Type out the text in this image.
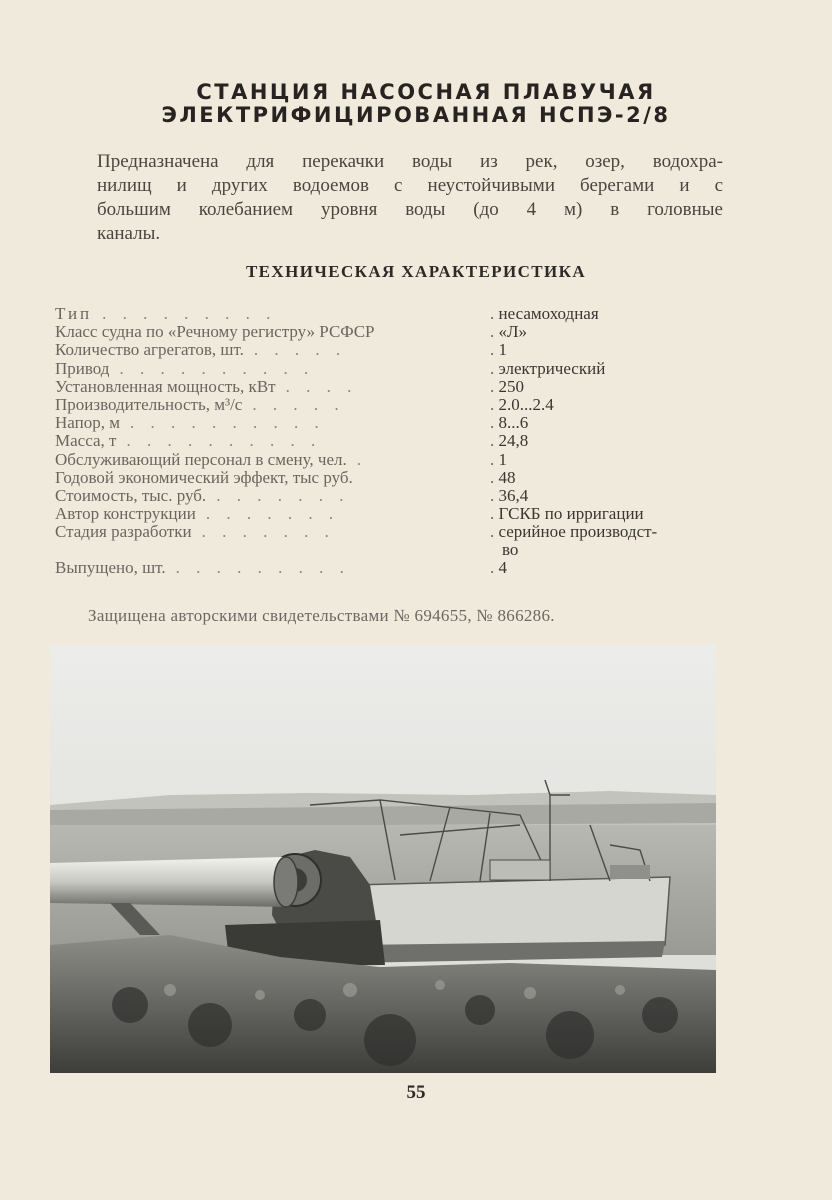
СТАНЦИЯ НАСОСНАЯ ПЛАВУЧАЯ
ЭЛЕКТРИФИЦИРОВАННАЯ НСПЭ-2/8
Предназначена для перекачки воды из рек, озер, водохра-
нилищ и других водоемов с неустойчивыми берегами и с
большим колебанием уровня воды (до 4 м) в головные
каналы.
ТЕХНИЧЕСКАЯ ХАРАКТЕРИСТИКА
Тип . . . . . . . . .	. несамоходная
Класс судна по «Речному регистру» РСФСР	. «Л»
Количество агрегатов, шт. . . . . .	. 1
Привод . . . . . . . . . .	. электрический
Установленная мощность, кВт . . . .	. 250
Производительность, м³/с . . . . .	. 2.0...2.4
Напор, м . . . . . . . . . .	. 8...6
Масса, т . . . . . . . . . .	. 24,8
Обслуживающий персонал в смену, чел. .	. 1
Годовой экономический эффект, тыс руб.	. 48
Стоимость, тыс. руб. . . . . . . .	. 36,4
Автор конструкции . . . . . . .	. ГСКБ по ирригации
Стадия разработки . . . . . . .	. серийное производст-
во
Выпущено, шт. . . . . . . . . .	. 4
Защищена авторскими свидетельствами № 694655, № 866286.
55
